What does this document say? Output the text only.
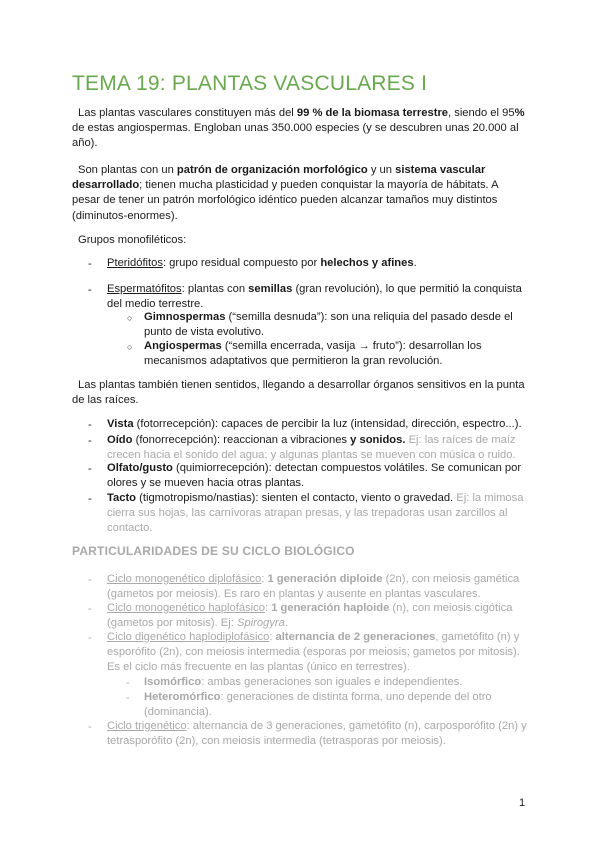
TEMA 19: PLANTAS VASCULARES I
Las plantas vasculares constituyen más del 99 % de la biomasa terrestre, siendo el 95% de estas angiospermas. Engloban unas 350.000 especies (y se descubren unas 20.000 al año).
Son plantas con un patrón de organización morfológico y un sistema vascular desarrollado; tienen mucha plasticidad y pueden conquistar la mayoría de hábitats. A pesar de tener un patrón morfológico idéntico pueden alcanzar tamaños muy distintos (diminutos-enormes).
Grupos monofiléticos:
- Pteridófitos: grupo residual compuesto por helechos y afines.
- Espermatófitos: plantas con semillas (gran revolución), lo que permitió la conquista del medio terrestre.
○ Gimnospermas (“semilla desnuda”): son una reliquia del pasado desde el punto de vista evolutivo.
○ Angiospermas (“semilla encerrada, vasija → fruto”): desarrollan los mecanismos adaptativos que permitieron la gran revolución.
Las plantas también tienen sentidos, llegando a desarrollar órganos sensitivos en la punta de las raíces.
- Vista (fotorrecepción): capaces de percibir la luz (intensidad, dirección, espectro...).
- Oído (fonorrecepción): reaccionan a vibraciones y sonidos. Ej: las raíces de maíz crecen hacia el sonido del agua; y algunas plantas se mueven con música o ruido.
- Olfato/gusto (quimiorrecepción): detectan compuestos volátiles. Se comunican por olores y se mueven hacia otras plantas.
- Tacto (tigmotropismo/nastias): sienten el contacto, viento o gravedad. Ej: la mimosa cierra sus hojas, las carnívoras atrapan presas, y las trepadoras usan zarcillos al contacto.
PARTICULARIDADES DE SU CICLO BIOLÓGICO
- Ciclo monogenético diplofásico: 1 generación diploide (2n), con meiosis gamética (gametos por meiosis). Es raro en plantas y ausente en plantas vasculares.
- Ciclo monogenético haplofásico: 1 generación haploide (n), con meiosis cigótica (gametos por mitosis). Ej: Spirogyra.
- Ciclo digenético haplodiplofásico: alternancia de 2 generaciones, gametófito (n) y esporófito (2n), con meiosis intermedia (esporas por meiosis; gametos por mitosis). Es el ciclo más frecuente en las plantas (único en terrestres).
- Isomórfico: ambas generaciones son iguales e independientes.
- Heteromórfico: generaciones de distinta forma, uno depende del otro (dominancia).
- Ciclo trigenético: alternancia de 3 generaciones, gametófito (n), carposporófito (2n) y tetrasporófito (2n), con meiosis intermedia (tetrasporas por meiosis).
1
